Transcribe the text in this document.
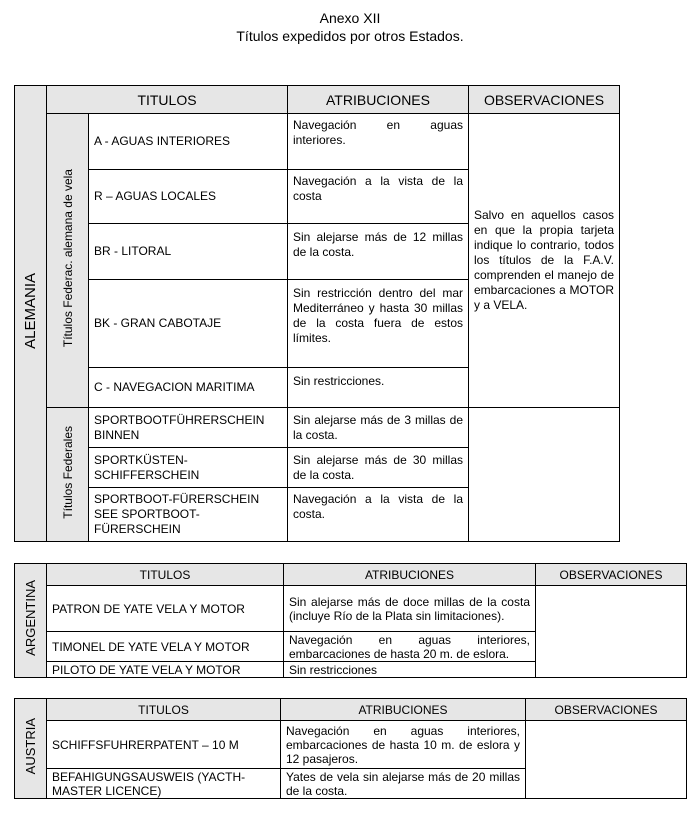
Anexo XII
Títulos expedidos por otros Estados.
ALEMANIA	TITULOS		ATRIBUCIONES	OBSERVACIONES
	Títulos Federac. alemana de vela	A - AGUAS INTERIORES	Navegación en aguas interiores.	Salvo en aquellos casos en que la propia tarjeta indique lo contrario, todos los títulos de la F.A.V. comprenden el manejo de embarcaciones a MOTOR y a VELA.
		R – AGUAS LOCALES	Navegación a la vista de la costa	
		BR - LITORAL	Sin alejarse más de 12 millas de la costa.	
		BK - GRAN CABOTAJE	Sin restricción dentro del mar Mediterráneo y hasta 30 millas de la costa fuera de estos límites.	
		C - NAVEGACION MARITIMA	Sin restricciones.	
	Títulos Federales	SPORTBOOTFÜHRERSCHEIN BINNEN	Sin alejarse más de 3 millas de la costa.	
		SPORTKÜSTEN-SCHIFFERSCHEIN	Sin alejarse más de 30 millas de la costa.	
		SPORTBOOT-FÜRERSCHEIN SEE SPORTBOOT-FÜRERSCHEIN	Navegación a la vista de la costa.	
ARGENTINA	TITULOS	ATRIBUCIONES	OBSERVACIONES
	PATRON DE YATE VELA Y MOTOR	Sin alejarse más de doce millas de la costa (incluye Río de la Plata sin limitaciones).	
	TIMONEL DE YATE VELA Y MOTOR	Navegación en aguas interiores, embarcaciones de hasta 20 m. de eslora.	
	PILOTO DE YATE VELA Y MOTOR	Sin restricciones	
AUSTRIA	TITULOS	ATRIBUCIONES	OBSERVACIONES
	SCHIFFSFUHRERPATENT – 10 M	Navegación en aguas interiores, embarcaciones de hasta 10 m. de eslora y 12 pasajeros.	
	BEFAHIGUNGSAUSWEIS (YACTH-MASTER LICENCE)	Yates de vela sin alejarse más de 20 millas de la costa.	
